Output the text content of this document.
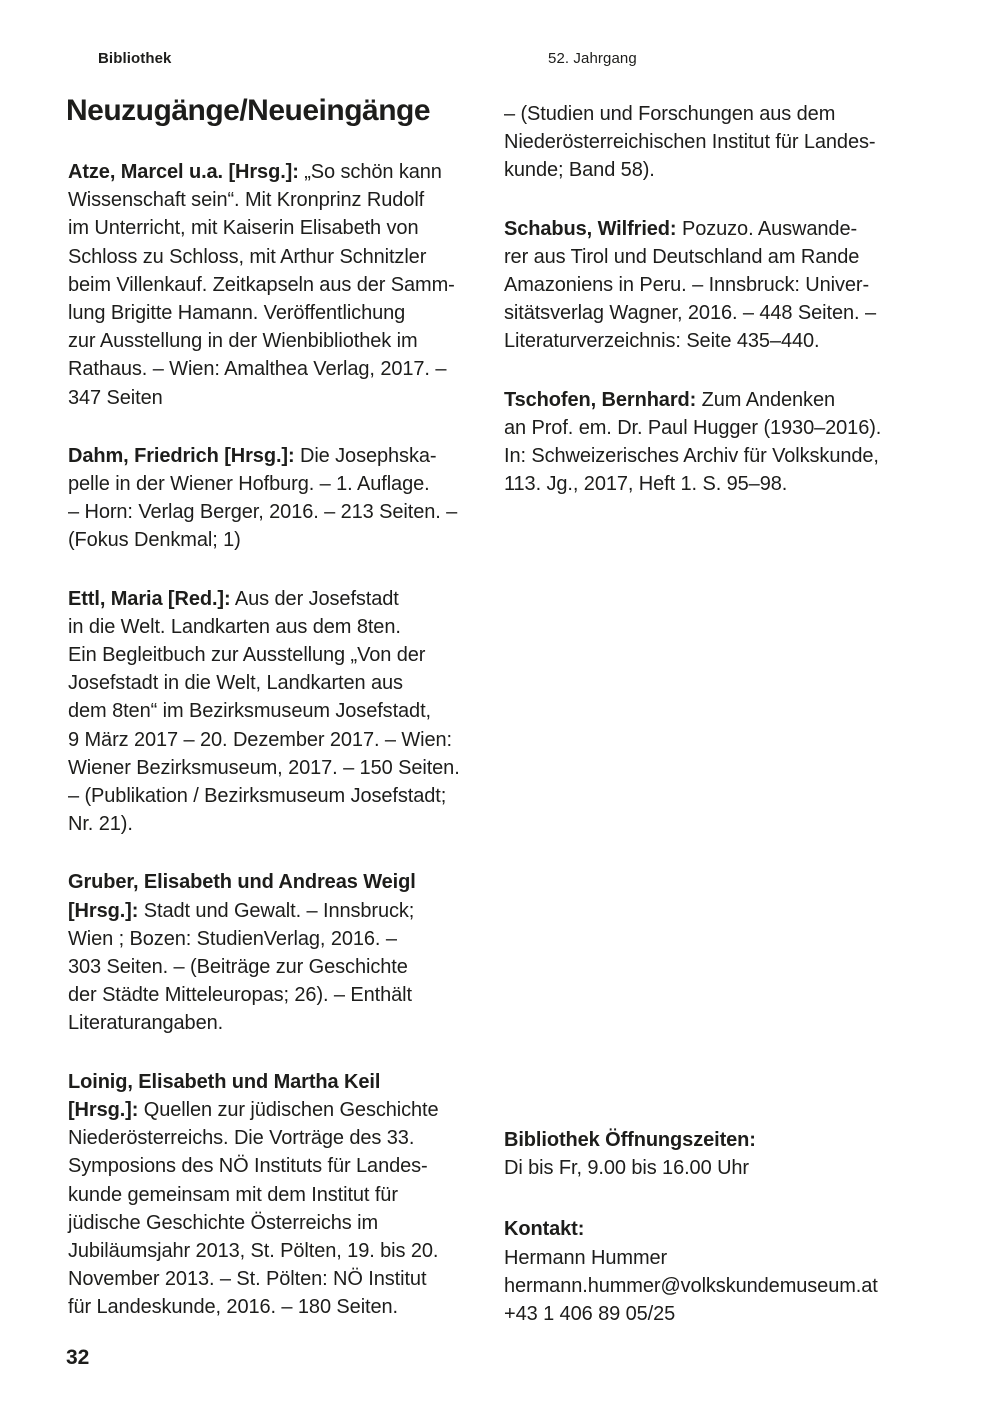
Bibliothek	52. Jahrgang
Neuzugänge/Neueingänge
Atze, Marcel u.a. [Hrsg.]: „So schön kann
Wissenschaft sein“. Mit Kronprinz Rudolf
im Unterricht, mit Kaiserin Elisabeth von
Schloss zu Schloss, mit Arthur Schnitzler
beim Villenkauf. Zeitkapseln aus der Samm-
lung Brigitte Hamann. Veröffentlichung
zur Ausstellung in der Wienbibliothek im
Rathaus. – Wien: Amalthea Verlag, 2017. –
347 Seiten
Dahm, Friedrich [Hrsg.]: Die Josephska-
pelle in der Wiener Hofburg. – 1. Auflage.
– Horn: Verlag Berger, 2016. – 213 Seiten. –
(Fokus Denkmal; 1)
Ettl, Maria [Red.]: Aus der Josefstadt
in die Welt. Landkarten aus dem 8ten.
Ein Begleitbuch zur Ausstellung „Von der
Josefstadt in die Welt, Landkarten aus
dem 8ten“ im Bezirksmuseum Josefstadt,
9 März 2017 – 20. Dezember 2017. – Wien:
Wiener Bezirksmuseum, 2017. – 150 Seiten.
– (Publikation / Bezirksmuseum Josefstadt;
Nr. 21).
Gruber, Elisabeth und Andreas Weigl
[Hrsg.]: Stadt und Gewalt. – Innsbruck;
Wien ; Bozen: StudienVerlag, 2016. –
303 Seiten. – (Beiträge zur Geschichte
der Städte Mitteleuropas; 26). – Enthält
Literaturangaben.
Loinig, Elisabeth und Martha Keil
[Hrsg.]: Quellen zur jüdischen Geschichte
Niederösterreichs. Die Vorträge des 33.
Symposions des NÖ Instituts für Landes-
kunde gemeinsam mit dem Institut für
jüdische Geschichte Österreichs im
Jubiläumsjahr 2013, St. Pölten, 19. bis 20.
November 2013. – St. Pölten: NÖ Institut
für Landeskunde, 2016. – 180 Seiten.
– (Studien und Forschungen aus dem
Niederösterreichischen Institut für Landes-
kunde; Band 58).
Schabus, Wilfried: Pozuzo. Auswande-
rer aus Tirol und Deutschland am Rande
Amazoniens in Peru. – Innsbruck: Univer-
sitätsverlag Wagner, 2016. – 448 Seiten. –
Literaturverzeichnis: Seite 435–440.
Tschofen, Bernhard: Zum Andenken
an Prof. em. Dr. Paul Hugger (1930–2016).
In: Schweizerisches Archiv für Volkskunde,
113. Jg., 2017, Heft 1. S. 95–98.
Bibliothek Öffnungszeiten:
Di bis Fr, 9.00 bis 16.00 Uhr
Kontakt:
Hermann Hummer
hermann.hummer@volkskundemuseum.at
+43 1 406 89 05/25
32
